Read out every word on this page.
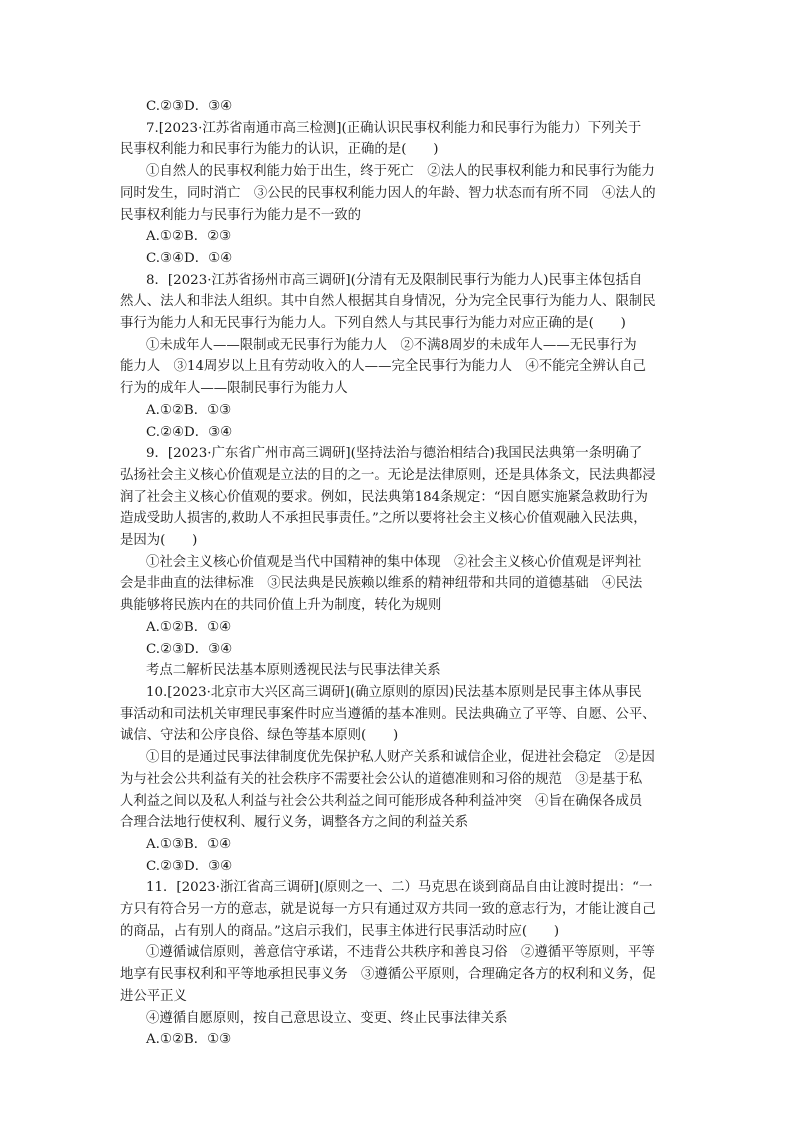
C.②③D．③④
7.[2023·江苏省南通市高三检测](正确认识民事权利能力和民事行为能力）下列关于
民事权利能力和民事行为能力的认识，正确的是(　　)
①自然人的民事权利能力始于出生，终于死亡　②法人的民事权利能力和民事行为能力
同时发生，同时消亡　③公民的民事权利能力因人的年龄、智力状态而有所不同　④法人的
民事权利能力与民事行为能力是不一致的
A.①②B．②③
C.③④D．①④
8．[2023·江苏省扬州市高三调研](分清有无及限制民事行为能力人)民事主体包括自
然人、法人和非法人组织。其中自然人根据其自身情况，分为完全民事行为能力人、限制民
事行为能力人和无民事行为能力人。下列自然人与其民事行为能力对应正确的是(　　)
①未成年人——限制或无民事行为能力人　②不满8周岁的未成年人——无民事行为
能力人　③14周岁以上且有劳动收入的人——完全民事行为能力人　④不能完全辨认自己
行为的成年人——限制民事行为能力人
A.①②B．①③
C.②④D．③④
9．[2023·广东省广州市高三调研](坚持法治与德治相结合)我国民法典第一条明确了
弘扬社会主义核心价值观是立法的目的之一。无论是法律原则，还是具体条文，民法典都浸
润了社会主义核心价值观的要求。例如，民法典第184条规定：“因自愿实施紧急救助行为
造成受助人损害的,救助人不承担民事责任。”之所以要将社会主义核心价值观融入民法典，
是因为(　　)
①社会主义核心价值观是当代中国精神的集中体现　②社会主义核心价值观是评判社
会是非曲直的法律标准　③民法典是民族赖以维系的精神纽带和共同的道德基础　④民法
典能够将民族内在的共同价值上升为制度，转化为规则
A.①②B．①④
C.②③D．③④
考点二解析民法基本原则透视民法与民事法律关系
10.[2023·北京市大兴区高三调研](确立原则的原因)民法基本原则是民事主体从事民
事活动和司法机关审理民事案件时应当遵循的基本准则。民法典确立了平等、自愿、公平、
诚信、守法和公序良俗、绿色等基本原则(　　)
①目的是通过民事法律制度优先保护私人财产关系和诚信企业，促进社会稳定　②是因
为与社会公共利益有关的社会秩序不需要社会公认的道德准则和习俗的规范　③是基于私
人利益之间以及私人利益与社会公共利益之间可能形成各种利益冲突　④旨在确保各成员
合理合法地行使权利、履行义务，调整各方之间的利益关系
A.①③B．①④
C.②③D．③④
11．[2023·浙江省高三调研](原则之一、二）马克思在谈到商品自由让渡时提出：“一
方只有符合另一方的意志，就是说每一方只有通过双方共同一致的意志行为，才能让渡自己
的商品，占有别人的商品。”这启示我们，民事主体进行民事活动时应(　　)
①遵循诚信原则，善意信守承诺，不违背公共秩序和善良习俗　②遵循平等原则，平等
地享有民事权利和平等地承担民事义务　③遵循公平原则，合理确定各方的权利和义务，促
进公平正义
④遵循自愿原则，按自己意思设立、变更、终止民事法律关系
A.①②B．①③
